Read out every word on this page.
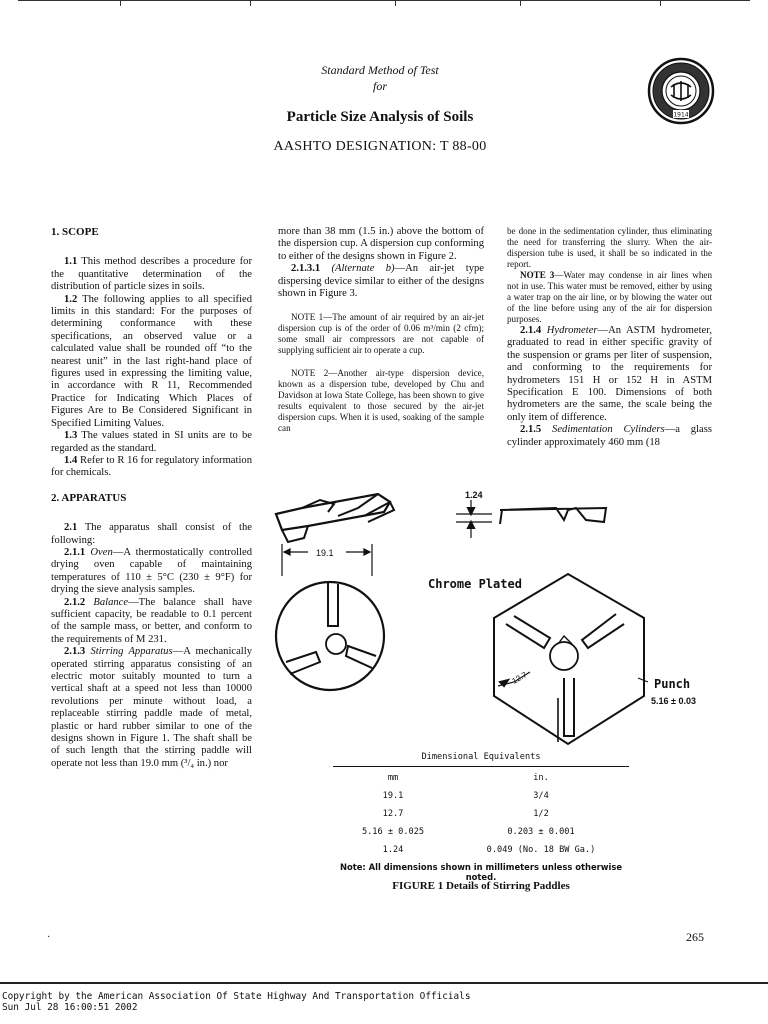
Standard Method of Test
for
Particle Size Analysis of Soils
AASHTO DESIGNATION: T 88-00
1914

1. SCOPE

1.1 This method describes a procedure for the quantitative determination of the distribution of particle sizes in soils.

1.2 The following applies to all specified limits in this standard: For the purposes of determining conformance with these specifications, an observed value or a calculated value shall be rounded off “to the nearest unit” in the last right-hand place of figures used in expressing the limiting value, in accordance with R 11, Recommended Practice for Indicating Which Places of Figures Are to Be Considered Significant in Specified Limiting Values.

1.3 The values stated in SI units are to be regarded as the standard.

1.4 Refer to R 16 for regulatory information for chemicals.

2. APPARATUS

2.1 The apparatus shall consist of the following:

2.1.1 Oven—A thermostatically controlled drying oven capable of maintaining temperatures of 110 ± 5°C (230 ± 9°F) for drying the sieve analysis samples.

2.1.2 Balance—The balance shall have sufficient capacity, be readable to 0.1 percent of the sample mass, or better, and conform to the requirements of M 231.

2.1.3 Stirring Apparatus—A mechanically operated stirring apparatus consisting of an electric motor suitably mounted to turn a vertical shaft at a speed not less than 10000 revolutions per minute without load, a replaceable stirring paddle made of metal, plastic or hard rubber similar to one of the designs shown in Figure 1. The shaft shall be of such length that the stirring paddle will operate not less than 19.0 mm (³/₄ in.) nor

more than 38 mm (1.5 in.) above the bottom of the dispersion cup. A dispersion cup conforming to either of the designs shown in Figure 2.

2.1.3.1 (Alternate b)—An air-jet type dispersing device similar to either of the designs shown in Figure 3.

NOTE 1—The amount of air required by an air-jet dispersion cup is of the order of 0.06 m³/min (2 cfm); some small air compressors are not capable of supplying sufficient air to operate a cup.

NOTE 2—Another air-type dispersion device, known as a dispersion tube, developed by Chu and Davidson at Iowa State College, has been shown to give results equivalent to those secured by the air-jet dispersion cups. When it is used, soaking of the sample can

be done in the sedimentation cylinder, thus eliminating the need for transferring the slurry. When the air-dispersion tube is used, it shall be so indicated in the report.

NOTE 3—Water may condense in air lines when not in use. This water must be removed, either by using a water trap on the air line, or by blowing the water out of the line before using any of the air for dispersion purposes.

2.1.4 Hydrometer—An ASTM hydrometer, graduated to read in either specific gravity of the suspension or grams per liter of suspension, and conforming to the requirements for hydrometers 151 H or 152 H in ASTM Specification E 100. Dimensions of both hydrometers are the same, the scale being the only item of difference.

2.1.5 Sedimentation Cylinders—a glass cylinder approximately 460 mm (18

1.24
19.1
12.7
Chrome Plated
Punch
5.16 ± 0.03
Dimensional Equivalents
mm	in.
19.1	3/4
12.7	1/2
5.16 ± 0.025	0.203 ± 0.001
1.24	0.049 (No. 18 BW Ga.)
Note: All dimensions shown in millimeters unless otherwise noted.
FIGURE 1 Details of Stirring Paddles
·	265
Copyright by the American Association Of State Highway And Transportation Officials
Sun Jul 28 16:00:51 2002
